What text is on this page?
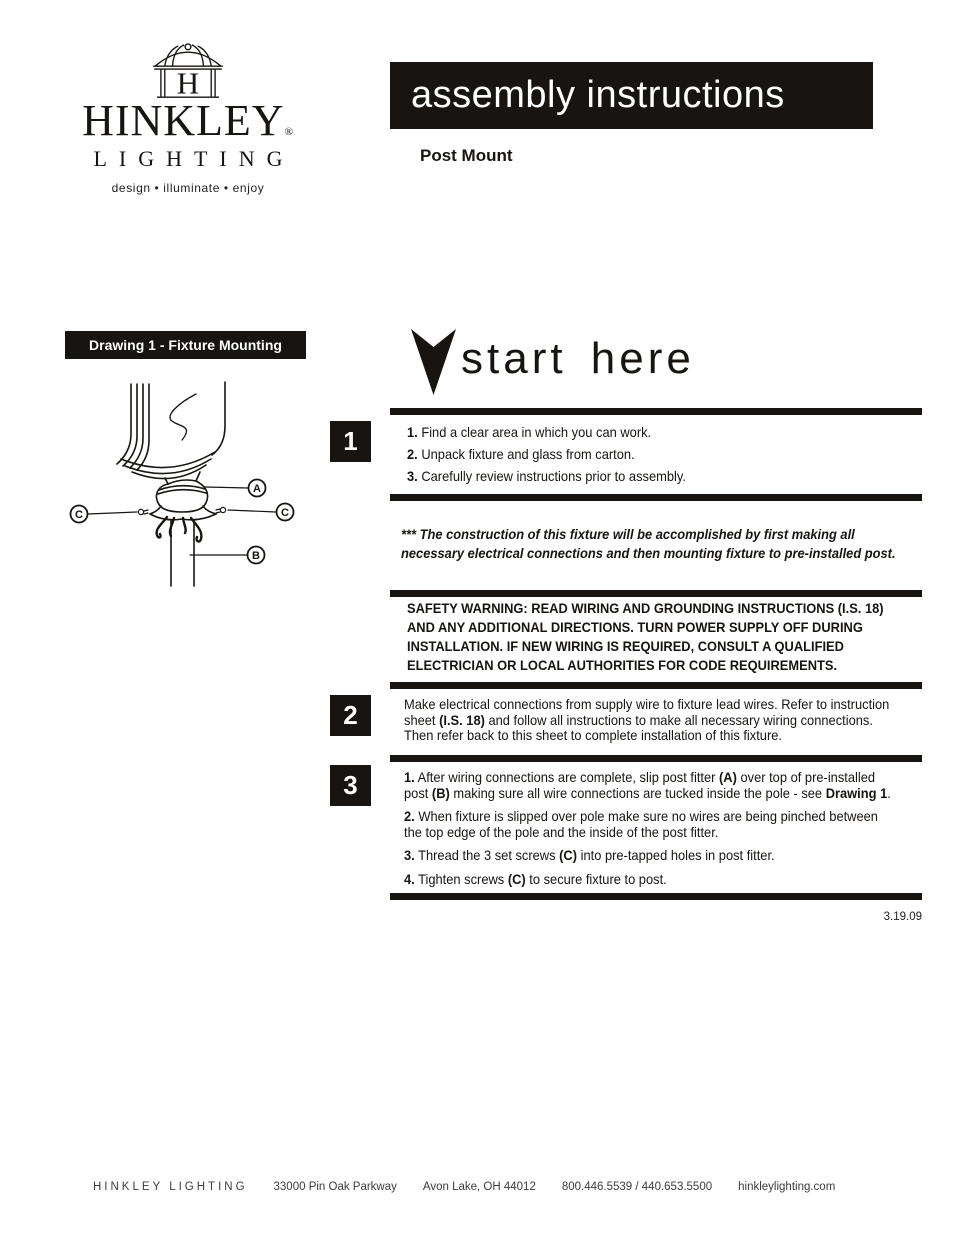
H
HINKLEY®
LIGHTING
design • illuminate • enjoy
assembly instructions
Post Mount
Drawing 1 - Fixture Mounting
A
C	C
B
start here
1	1. Find a clear area in which you can work.
2. Unpack fixture and glass from carton.
3. Carefully review instructions prior to assembly.
*** The construction of this fixture will be accomplished by first making all
necessary electrical connections and then mounting fixture to pre-installed post.
SAFETY WARNING: READ WIRING AND GROUNDING INSTRUCTIONS (I.S. 18)
AND ANY ADDITIONAL DIRECTIONS. TURN POWER SUPPLY OFF DURING
INSTALLATION. IF NEW WIRING IS REQUIRED, CONSULT A QUALIFIED
ELECTRICIAN OR LOCAL AUTHORITIES FOR CODE REQUIREMENTS.
2	Make electrical connections from supply wire to fixture lead wires. Refer to instruction
sheet (I.S. 18) and follow all instructions to make all necessary wiring connections.
Then refer back to this sheet to complete installation of this fixture.
3	1. After wiring connections are complete, slip post fitter (A) over top of pre-installed
post (B) making sure all wire connections are tucked inside the pole - see Drawing 1.
2. When fixture is slipped over pole make sure no wires are being pinched between
the top edge of the pole and the inside of the post fitter.
3. Thread the 3 set screws (C) into pre-tapped holes in post fitter.
4. Tighten screws (C) to secure fixture to post.
3.19.09
HINKLEY LIGHTING 33000 Pin Oak Parkway Avon Lake, OH 44012 800.446.5539 / 440.653.5500 hinkleylighting.com
